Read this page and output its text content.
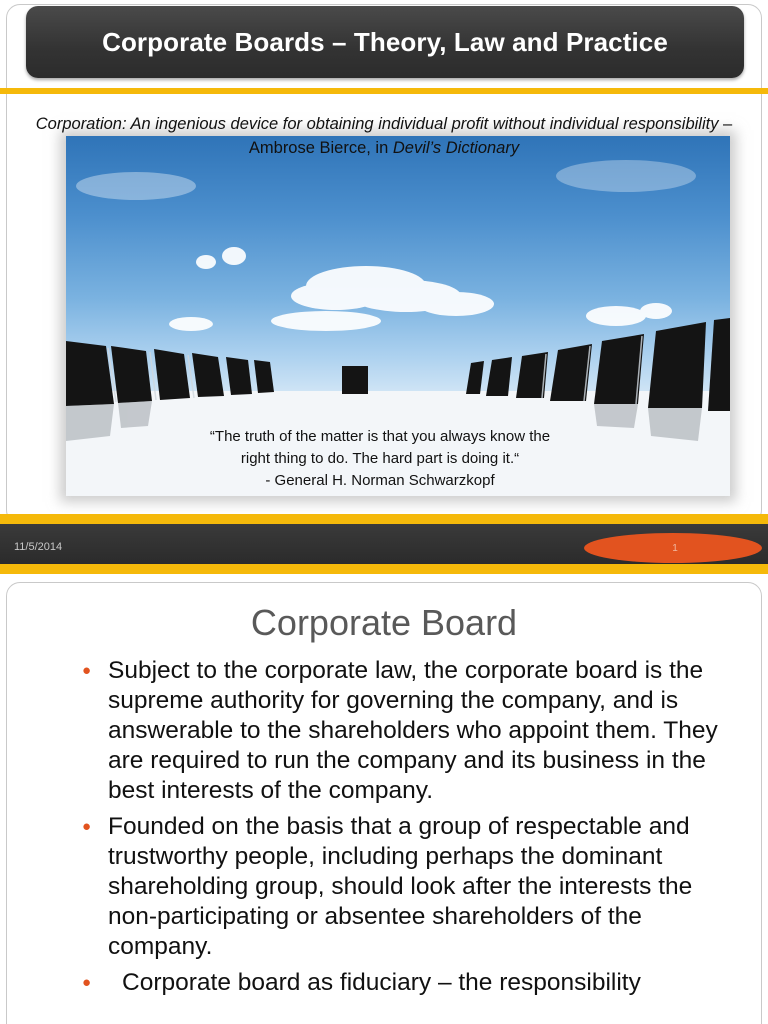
Corporate Boards – Theory, Law and Practice
Corporation: An ingenious device for obtaining individual profit without individual responsibility – Ambrose Bierce, in Devil’s Dictionary
“The truth of the matter is that you always know the
right thing to do. The hard part is doing it.“
- General H. Norman Schwarzkopf
11/5/2014	1
Corporate Board
● Subject to the corporate law, the corporate board is the supreme authority for governing the company, and is answerable to the shareholders who appoint them. They are required to run the company and its business in the best interests of the company.
● Founded on the basis that a group of respectable and trustworthy people, including perhaps the dominant shareholding group, should look after the interests the non-participating or absentee shareholders of the company.
● Corporate board as fiduciary – the responsibility
